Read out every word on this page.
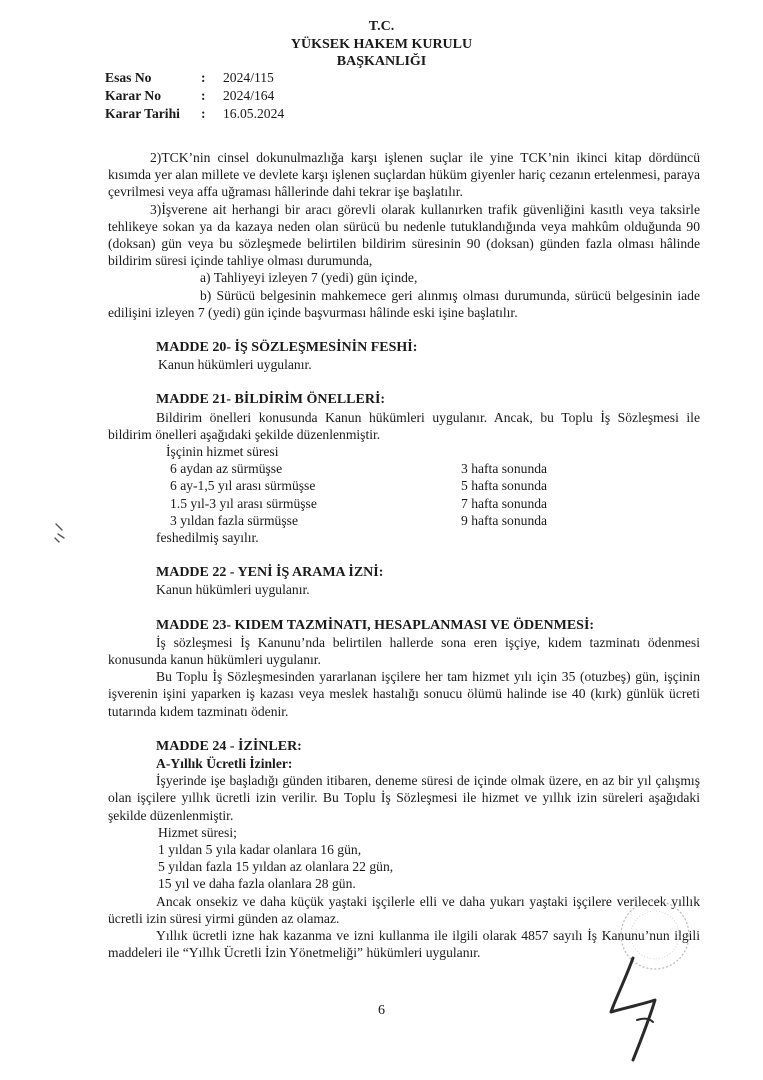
T.C.
YÜKSEK HAKEM KURULU
BAŞKANLIĞI
Esas No	: 2024/115
Karar No	: 2024/164
Karar Tarihi : 16.05.2024

2)TCK’nin cinsel dokunulmazlığa karşı işlenen suçlar ile yine TCK’nin ikinci kitap dördüncü kısımda yer alan millete ve devlete karşı işlenen suçlardan hüküm giyenler hariç cezanın ertelenmesi, paraya çevrilmesi veya affa uğraması hâllerinde dahi tekrar işe başlatılır.

3)İşverene ait herhangi bir aracı görevli olarak kullanırken trafik güvenliğini kasıtlı veya taksirle tehlikeye sokan ya da kazaya neden olan sürücü bu nedenle tutuklandığında veya mahkûm olduğunda 90 (doksan) gün veya bu sözleşmede belirtilen bildirim süresinin 90 (doksan) günden fazla olması hâlinde bildirim süresi içinde tahliye olması durumunda,

a) Tahliyeyi izleyen 7 (yedi) gün içinde,

b) Sürücü belgesinin mahkemece geri alınmış olması durumunda, sürücü belgesinin iade edilişini izleyen 7 (yedi) gün içinde başvurması hâlinde eski işine başlatılır.

MADDE 20- İŞ SÖZLEŞMESİNİN FESHİ:

Kanun hükümleri uygulanır.

MADDE 21- BİLDİRİM ÖNELLERİ:

Bildirim önelleri konusunda Kanun hükümleri uygulanır. Ancak, bu Toplu İş Sözleşmesi ile bildirim önelleri aşağıdaki şekilde düzenlenmiştir.

İşçinin hizmet süresi

6 aydan az sürmüşse	3 hafta sonunda
6 ay-1,5 yıl arası sürmüşse	5 hafta sonunda
1.5 yıl-3 yıl arası sürmüşse	7 hafta sonunda
3 yıldan fazla sürmüşse	9 hafta sonunda

feshedilmiş sayılır.

MADDE 22 - YENİ İŞ ARAMA İZNİ:

Kanun hükümleri uygulanır.

MADDE 23- KIDEM TAZMİNATI, HESAPLANMASI VE ÖDENMESİ:

İş sözleşmesi İş Kanunu’nda belirtilen hallerde sona eren işçiye, kıdem tazminatı ödenmesi konusunda kanun hükümleri uygulanır.

Bu Toplu İş Sözleşmesinden yararlanan işçilere her tam hizmet yılı için 35 (otuzbeş) gün, işçinin işverenin işini yaparken iş kazası veya meslek hastalığı sonucu ölümü halinde ise 40 (kırk) günlük ücreti tutarında kıdem tazminatı ödenir.

MADDE 24 - İZİNLER:

A-Yıllık Ücretli İzinler:

İşyerinde işe başladığı günden itibaren, deneme süresi de içinde olmak üzere, en az bir yıl çalışmış olan işçilere yıllık ücretli izin verilir. Bu Toplu İş Sözleşmesi ile hizmet ve yıllık izin süreleri aşağıdaki şekilde düzenlenmiştir.

Hizmet süresi;

1 yıldan 5 yıla kadar olanlara 16 gün,

5 yıldan fazla 15 yıldan az olanlara 22 gün,

15 yıl ve daha fazla olanlara 28 gün.

Ancak onsekiz ve daha küçük yaştaki işçilerle elli ve daha yukarı yaştaki işçilere verilecek yıllık ücretli izin süresi yirmi günden az olamaz.

Yıllık ücretli izne hak kazanma ve izni kullanma ile ilgili olarak 4857 sayılı İş Kanunu’nun ilgili maddeleri ile “Yıllık Ücretli İzin Yönetmeliği” hükümleri uygulanır.

6
